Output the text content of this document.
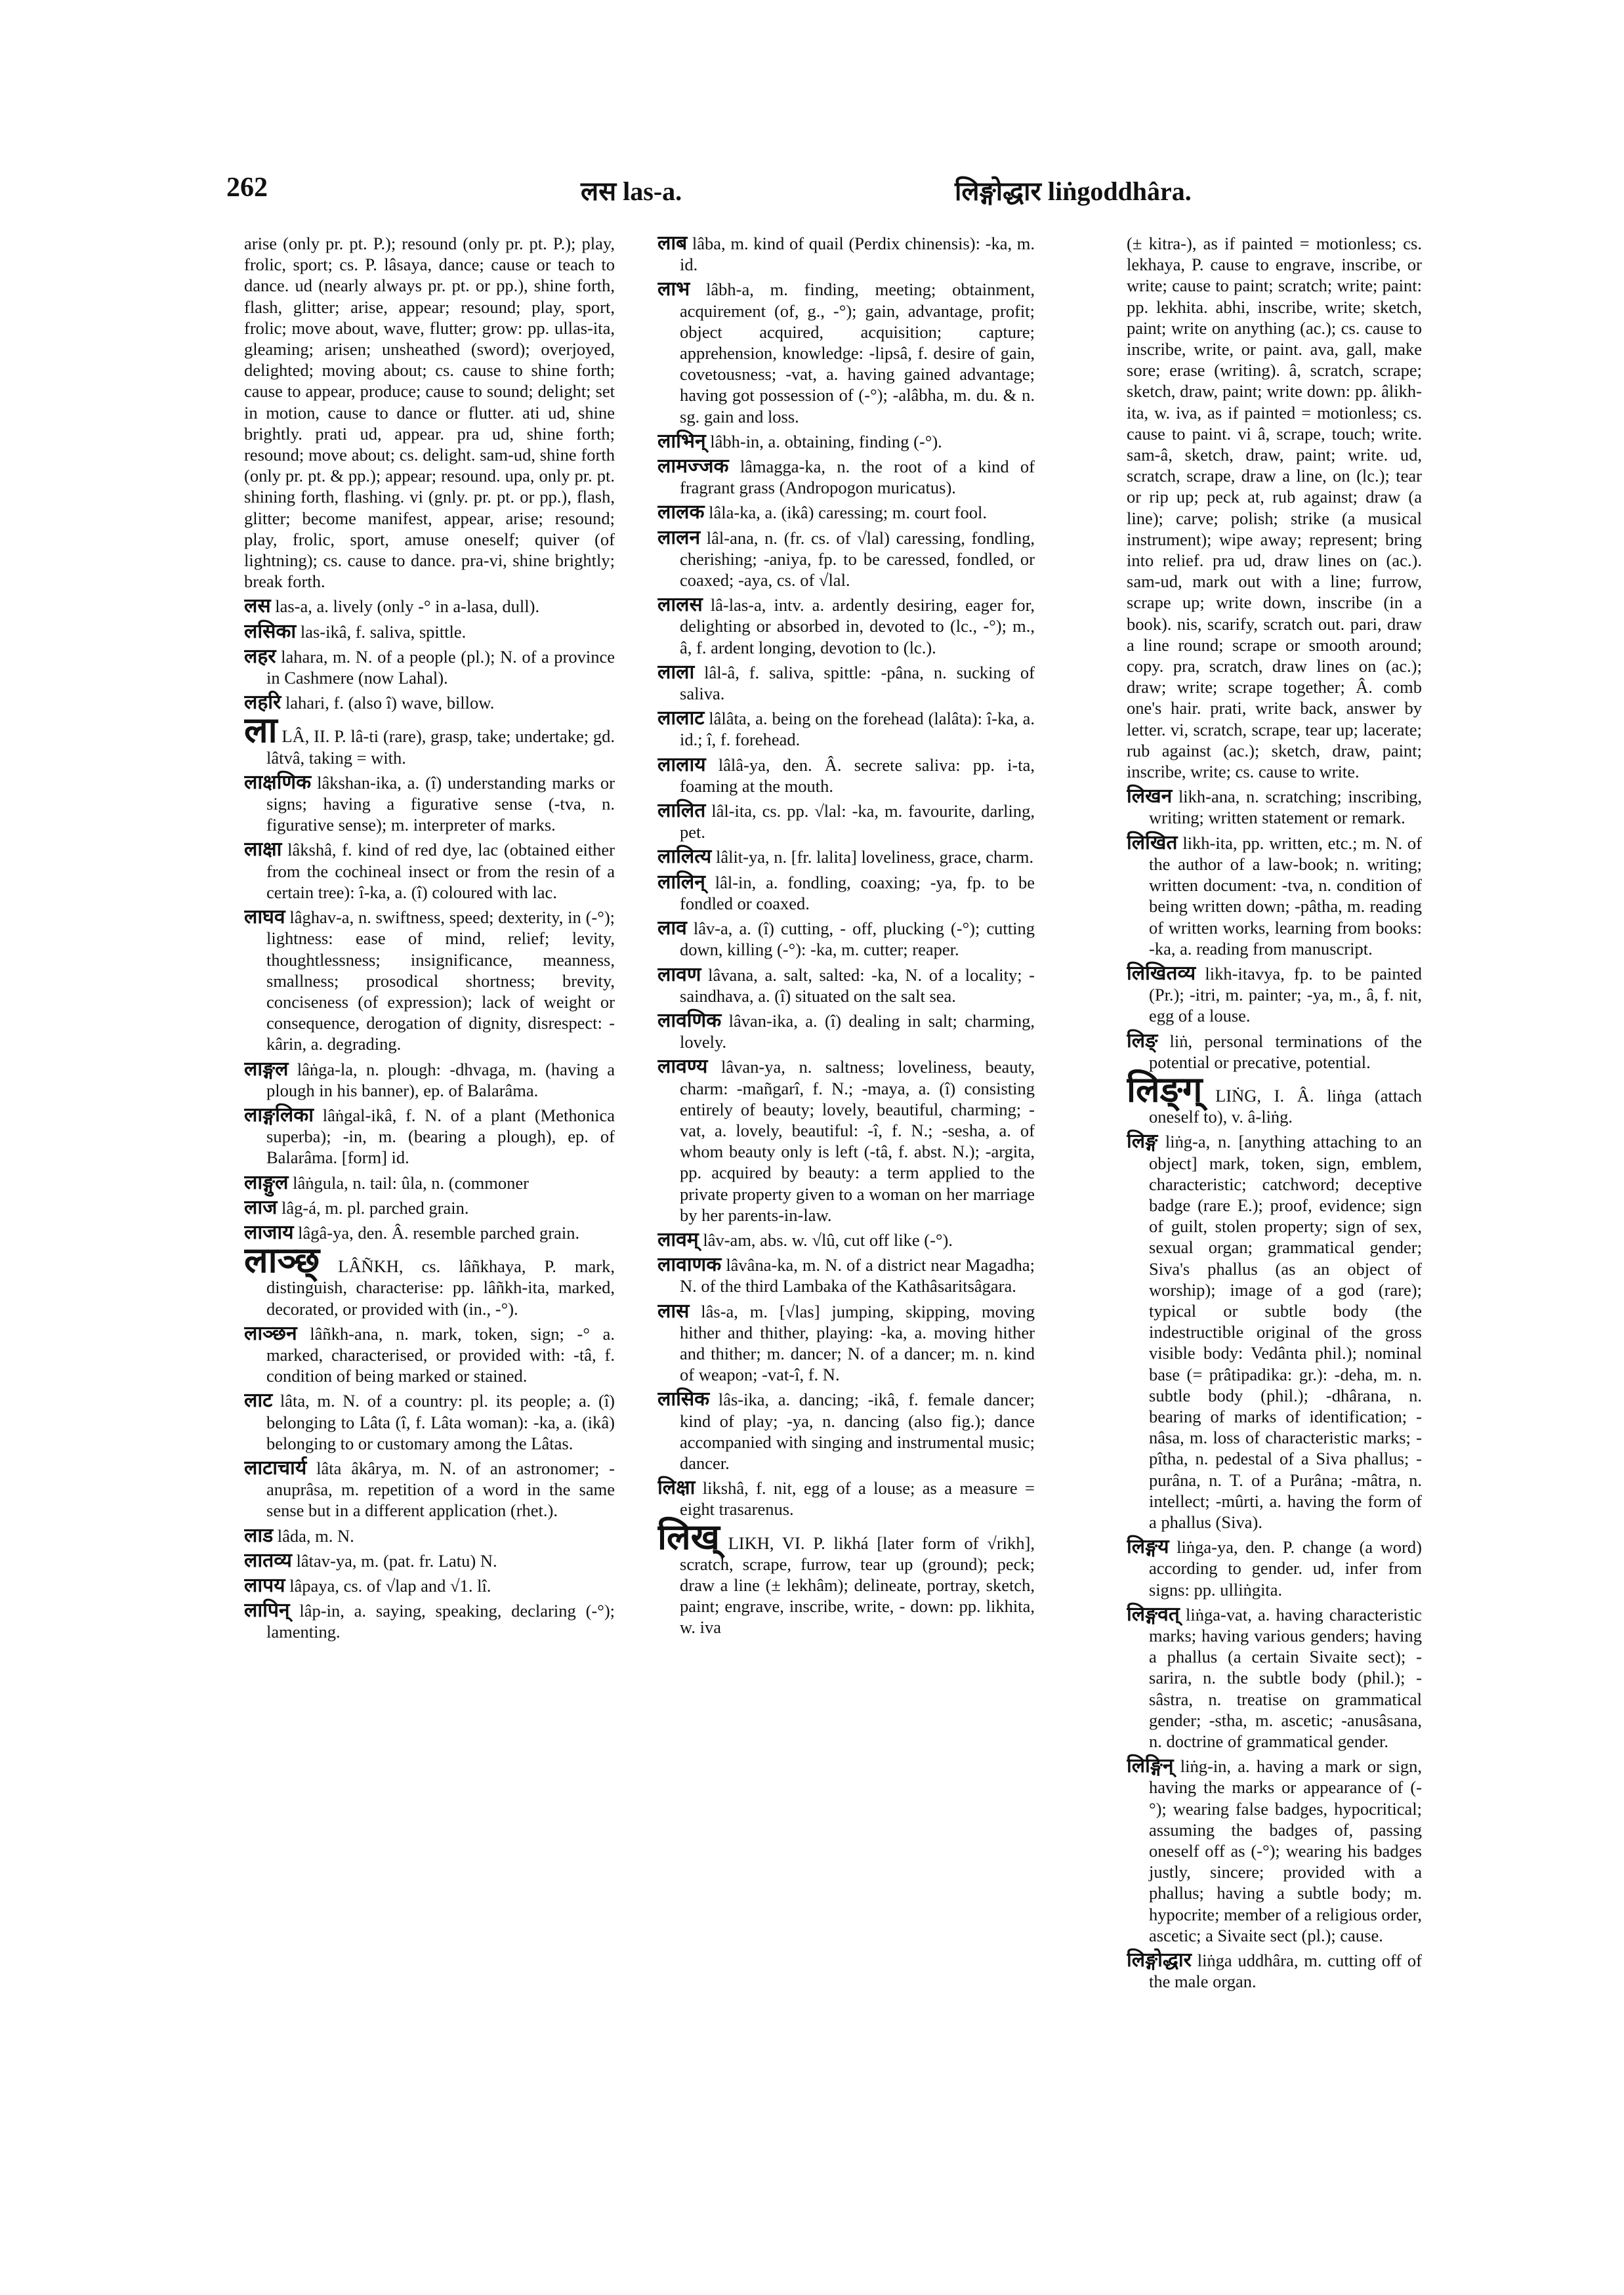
262	लस las-a.	लिङ्गोद्धार liṅgoddhâra.

arise (only pr. pt. P.); resound (only pr. pt. P.); play, frolic, sport; cs. P. lâsaya, dance; cause or teach to dance. ud (nearly always pr. pt. or pp.), shine forth, flash, glitter; arise, appear; resound; play, sport, frolic; move about, wave, flutter; grow: pp. ullas-ita, gleaming; arisen; unsheathed (sword); overjoyed, delighted; moving about; cs. cause to shine forth; cause to appear, produce; cause to sound; delight; set in motion, cause to dance or flutter. ati ud, shine brightly. prati ud, appear. pra ud, shine forth; resound; move about; cs. delight. sam-ud, shine forth (only pr. pt. & pp.); appear; resound. upa, only pr. pt. shining forth, flashing. vi (gnly. pr. pt. or pp.), flash, glitter; become manifest, appear, arise; resound; play, frolic, sport, amuse oneself; quiver (of lightning); cs. cause to dance. pra-vi, shine brightly; break forth.

लस las-a, a. lively (only -° in a-lasa, dull).

लसिका las-ikâ, f. saliva, spittle.

लहर lahara, m. N. of a people (pl.); N. of a province in Cashmere (now Lahal).

लहरि lahari, f. (also î) wave, billow.

ला LÂ, II. P. lâ-ti (rare), grasp, take; undertake; gd. lâtvâ, taking = with.

लाक्षणिक lâkshan-ika, a. (î) understanding marks or signs; having a figurative sense (-tva, n. figurative sense); m. interpreter of marks.

लाक्षा lâkshâ, f. kind of red dye, lac (obtained either from the cochineal insect or from the resin of a certain tree): î-ka, a. (î) coloured with lac.

लाघव lâghav-a, n. swiftness, speed; dexterity, in (-°); lightness: ease of mind, relief; levity, thoughtlessness; insignificance, meanness, smallness; prosodical shortness; brevity, conciseness (of expression); lack of weight or consequence, derogation of dignity, disrespect: -kârin, a. degrading.

लाङ्गल lâṅga-la, n. plough: -dhvaga, m. (having a plough in his banner), ep. of Balarâma.

लाङ्गलिका lâṅgal-ikâ, f. N. of a plant (Methonica superba); -in, m. (bearing a plough), ep. of Balarâma. [form] id.

लाङ्गुल lâṅgula, n. tail: ûla, n. (commoner

लाज lâg-á, m. pl. parched grain.

लाजाय lâgâ-ya, den. Â. resemble parched grain.

लाञ्छ् LÂÑKH, cs. lâñkhaya, P. mark, distinguish, characterise: pp. lâñkh-ita, marked, decorated, or provided with (in., -°).

लाञ्छन lâñkh-ana, n. mark, token, sign; -° a. marked, characterised, or provided with: -tâ, f. condition of being marked or stained.

लाट lâta, m. N. of a country: pl. its people; a. (î) belonging to Lâta (î, f. Lâta woman): -ka, a. (ikâ) belonging to or customary among the Lâtas.

लाटाचार्य lâta âkârya, m. N. of an astronomer; -anuprâsa, m. repetition of a word in the same sense but in a different application (rhet.).

लाड lâda, m. N.

लातव्य lâtav-ya, m. (pat. fr. Latu) N.

लापय lâpaya, cs. of √lap and √1. lî.

लापिन् lâp-in, a. saying, speaking, declaring (-°); lamenting.

लाब lâba, m. kind of quail (Perdix chinensis): -ka, m. id.

लाभ lâbh-a, m. finding, meeting; obtainment, acquirement (of, g., -°); gain, advantage, profit; object acquired, acquisition; capture; apprehension, knowledge: -lipsâ, f. desire of gain, covetousness; -vat, a. having gained advantage; having got possession of (-°); -alâbha, m. du. & n. sg. gain and loss.

लाभिन् lâbh-in, a. obtaining, finding (-°).

लामज्जक lâmagga-ka, n. the root of a kind of fragrant grass (Andropogon muricatus).

लालक lâla-ka, a. (ikâ) caressing; m. court fool.

लालन lâl-ana, n. (fr. cs. of √lal) caressing, fondling, cherishing; -aniya, fp. to be caressed, fondled, or coaxed; -aya, cs. of √lal.

लालस lâ-las-a, intv. a. ardently desiring, eager for, delighting or absorbed in, devoted to (lc., -°); m., â, f. ardent longing, devotion to (lc.).

लाला lâl-â, f. saliva, spittle: -pâna, n. sucking of saliva.

लालाट lâlâta, a. being on the forehead (lalâta): î-ka, a. id.; î, f. forehead.

लालाय lâlâ-ya, den. Â. secrete saliva: pp. i-ta, foaming at the mouth.

लालित lâl-ita, cs. pp. √lal: -ka, m. favourite, darling, pet.

लालित्य lâlit-ya, n. [fr. lalita] loveliness, grace, charm.

लालिन् lâl-in, a. fondling, coaxing; -ya, fp. to be fondled or coaxed.

लाव lâv-a, a. (î) cutting, - off, plucking (-°); cutting down, killing (-°): -ka, m. cutter; reaper.

लावण lâvana, a. salt, salted: -ka, N. of a locality; -saindhava, a. (î) situated on the salt sea.

लावणिक lâvan-ika, a. (î) dealing in salt; charming, lovely.

लावण्य lâvan-ya, n. saltness; loveliness, beauty, charm: -mañgarî, f. N.; -maya, a. (î) consisting entirely of beauty; lovely, beautiful, charming; -vat, a. lovely, beautiful: -î, f. N.; -sesha, a. of whom beauty only is left (-tâ, f. abst. N.); -argita, pp. acquired by beauty: a term applied to the private property given to a woman on her marriage by her parents-in-law.

लावम् lâv-am, abs. w. √lû, cut off like (-°).

लावाणक lâvâna-ka, m. N. of a district near Magadha; N. of the third Lambaka of the Kathâsaritsâgara.

लास lâs-a, m. [√las] jumping, skipping, moving hither and thither, playing: -ka, a. moving hither and thither; m. dancer; N. of a dancer; m. n. kind of weapon; -vat-î, f. N.

लासिक lâs-ika, a. dancing; -ikâ, f. female dancer; kind of play; -ya, n. dancing (also fig.); dance accompanied with singing and instrumental music; dancer.

लिक्षा likshâ, f. nit, egg of a louse; as a measure = eight trasarenus.

लिख् LIKH, VI. P. likhá [later form of √rikh], scratch, scrape, furrow, tear up (ground); peck; draw a line (± lekhâm); delineate, portray, sketch, paint; engrave, inscribe, write, - down: pp. likhita, w. iva

(± kitra-), as if painted = motionless; cs. lekhaya, P. cause to engrave, inscribe, or write; cause to paint; scratch; write; paint: pp. lekhita. abhi, inscribe, write; sketch, paint; write on anything (ac.); cs. cause to inscribe, write, or paint. ava, gall, make sore; erase (writing). â, scratch, scrape; sketch, draw, paint; write down: pp. âlikh-ita, w. iva, as if painted = motionless; cs. cause to paint. vi â, scrape, touch; write. sam-â, sketch, draw, paint; write. ud, scratch, scrape, draw a line, on (lc.); tear or rip up; peck at, rub against; draw (a line); carve; polish; strike (a musical instrument); wipe away; represent; bring into relief. pra ud, draw lines on (ac.). sam-ud, mark out with a line; furrow, scrape up; write down, inscribe (in a book). nis, scarify, scratch out. pari, draw a line round; scrape or smooth around; copy. pra, scratch, draw lines on (ac.); draw; write; scrape together; Â. comb one's hair. prati, write back, answer by letter. vi, scratch, scrape, tear up; lacerate; rub against (ac.); sketch, draw, paint; inscribe, write; cs. cause to write.

लिखन likh-ana, n. scratching; inscribing, writing; written statement or remark.

लिखित likh-ita, pp. written, etc.; m. N. of the author of a law-book; n. writing; written document: -tva, n. condition of being written down; -pâtha, m. reading of written works, learning from books: -ka, a. reading from manuscript.

लिखितव्य likh-itavya, fp. to be painted (Pr.); -itri, m. painter; -ya, m., â, f. nit, egg of a louse.

लिङ् liṅ, personal terminations of the potential or precative, potential.

लिङ्ग् LIṄG, I. Â. liṅga (attach oneself to), v. â-liṅg.

लिङ्ग liṅg-a, n. [anything attaching to an object] mark, token, sign, emblem, characteristic; catchword; deceptive badge (rare E.); proof, evidence; sign of guilt, stolen property; sign of sex, sexual organ; grammatical gender; Siva's phallus (as an object of worship); image of a god (rare); typical or subtle body (the indestructible original of the gross visible body: Vedânta phil.); nominal base (= prâtipadika: gr.): -deha, m. n. subtle body (phil.); -dhârana, n. bearing of marks of identification; -nâsa, m. loss of characteristic marks; -pîtha, n. pedestal of a Siva phallus; -purâna, n. T. of a Purâna; -mâtra, n. intellect; -mûrti, a. having the form of a phallus (Siva).

लिङ्गय liṅga-ya, den. P. change (a word) according to gender. ud, infer from signs: pp. ulliṅgita.

लिङ्गवत् liṅga-vat, a. having characteristic marks; having various genders; having a phallus (a certain Sivaite sect); -sarira, n. the subtle body (phil.); -sâstra, n. treatise on grammatical gender; -stha, m. ascetic; -anusâsana, n. doctrine of grammatical gender.

लिङ्गिन् liṅg-in, a. having a mark or sign, having the marks or appearance of (-°); wearing false badges, hypocritical; assuming the badges of, passing oneself off as (-°); wearing his badges justly, sincere; provided with a phallus; having a subtle body; m. hypocrite; member of a religious order, ascetic; a Sivaite sect (pl.); cause.

लिङ्गोद्धार liṅga uddhâra, m. cutting off of the male organ.
